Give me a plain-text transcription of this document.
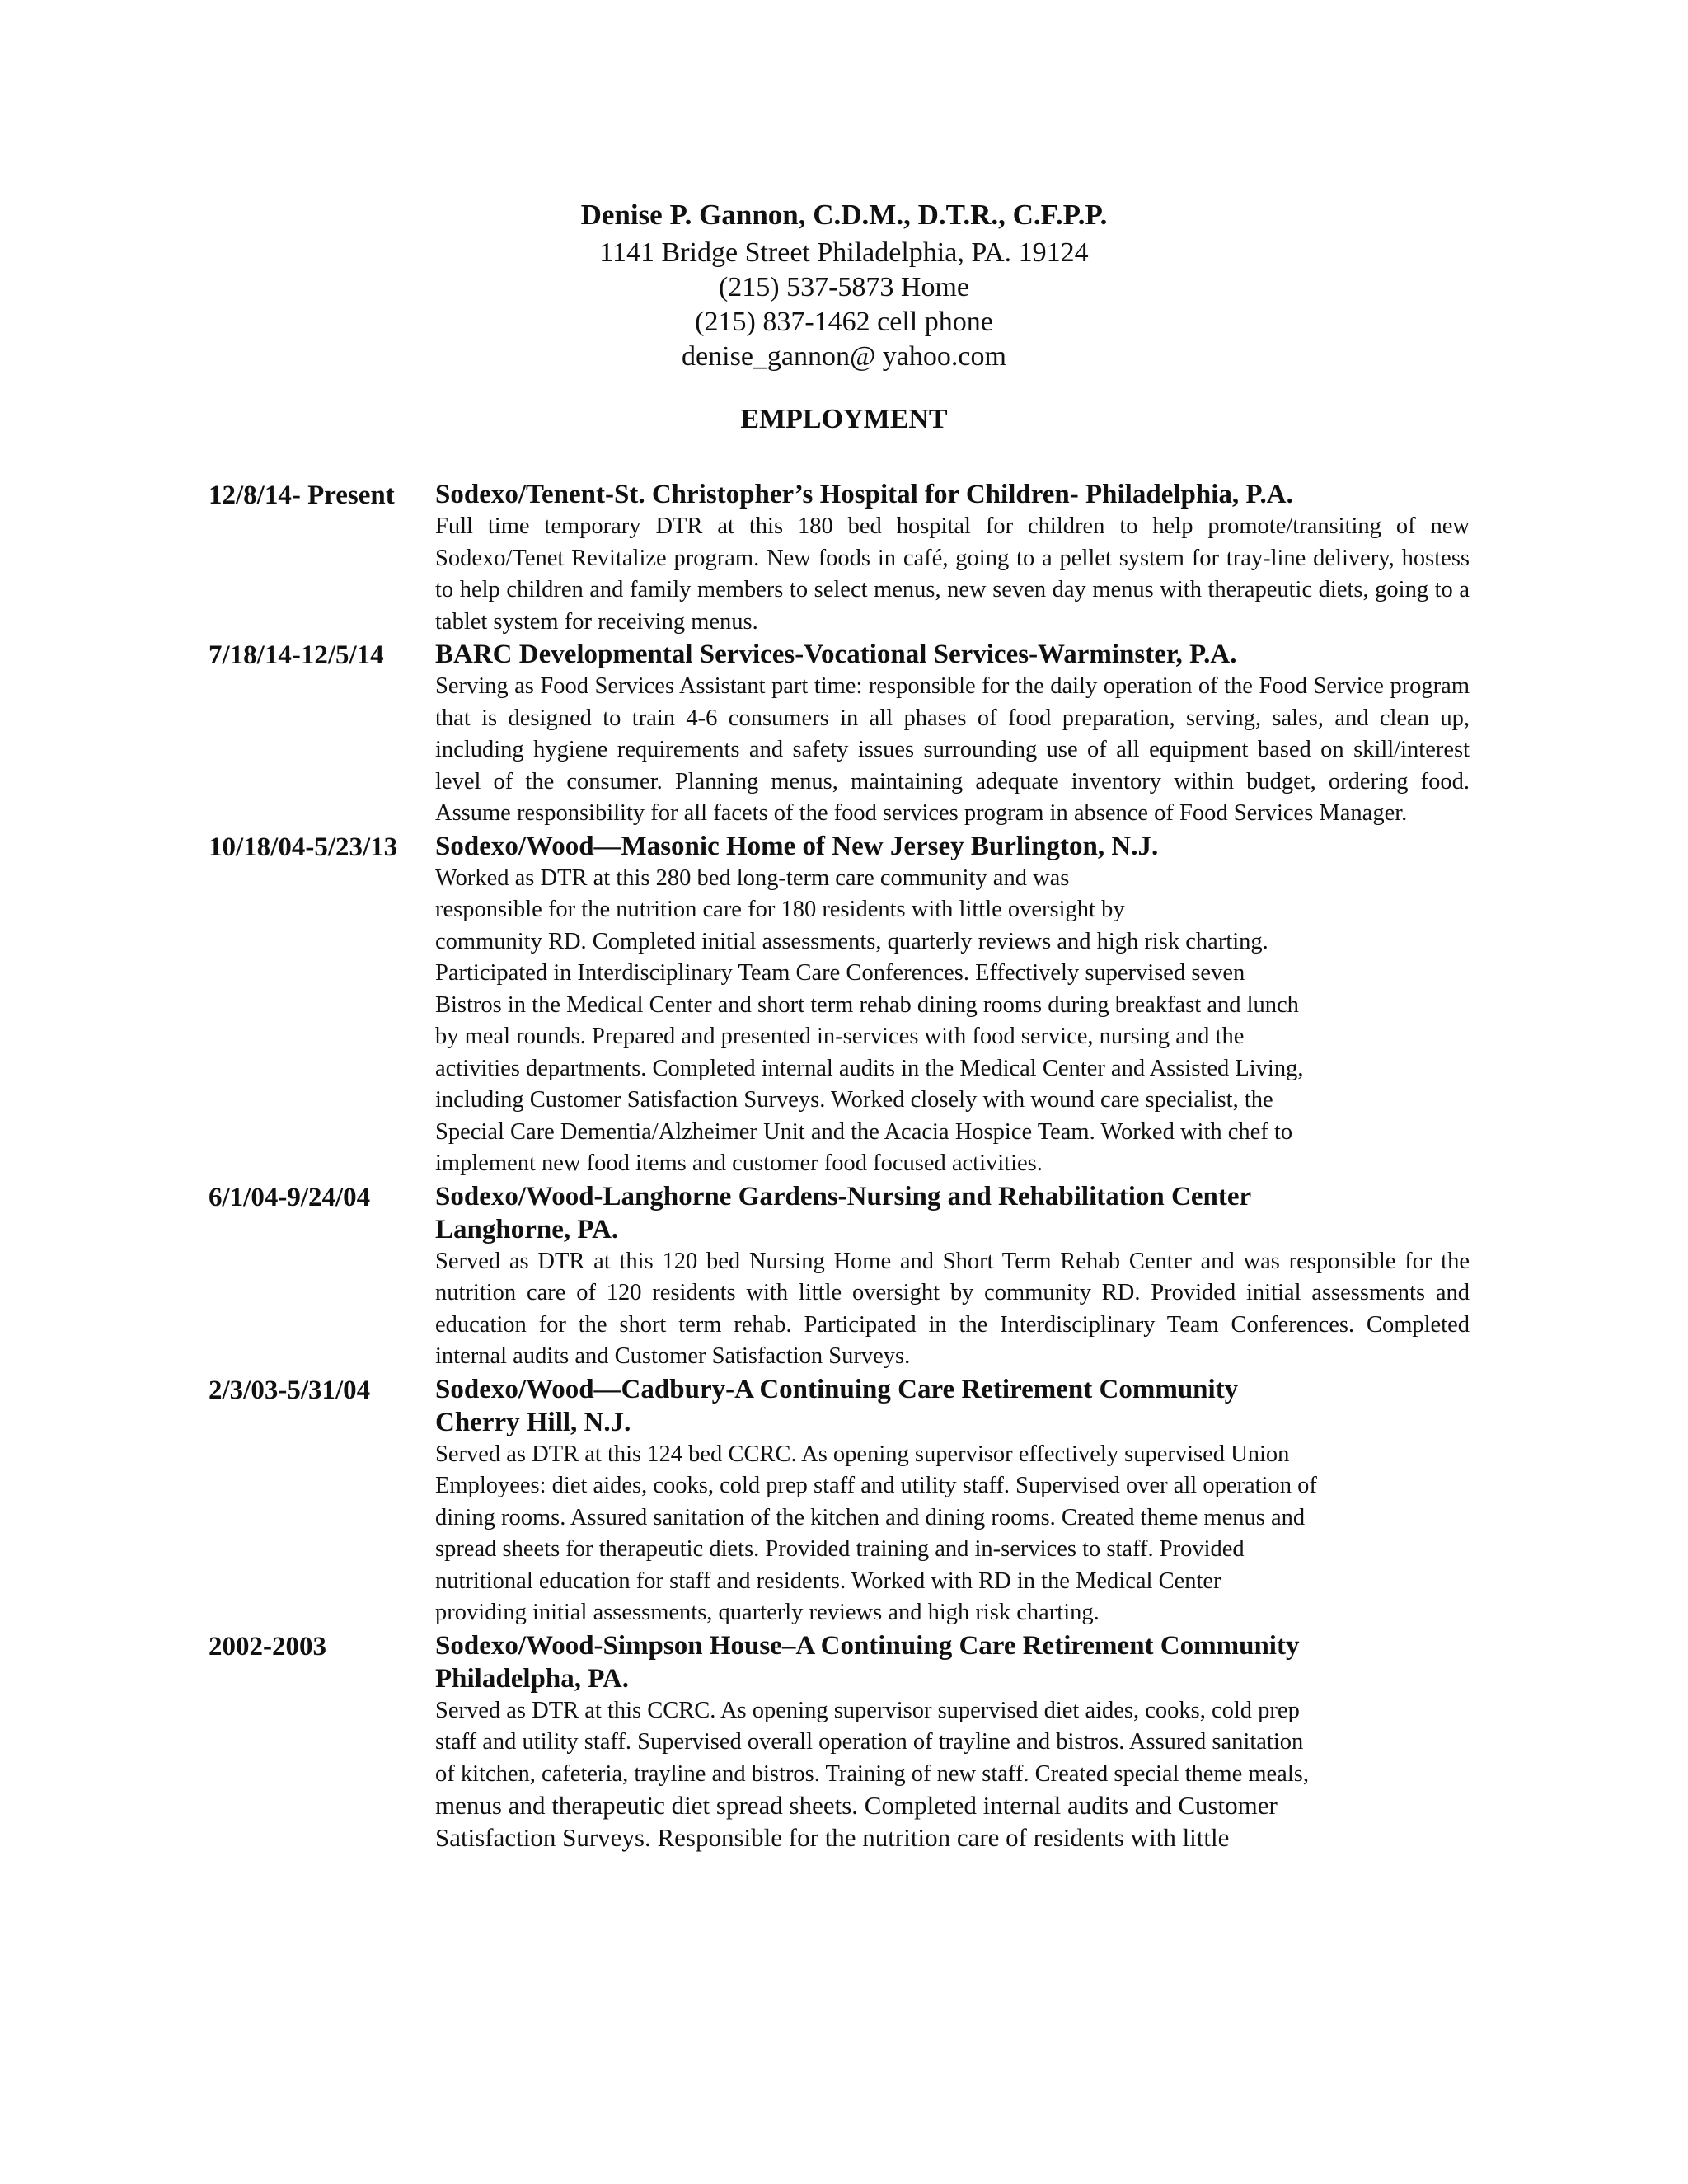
Denise P. Gannon, C.D.M., D.T.R., C.F.P.P.
1141 Bridge Street Philadelphia, PA. 19124
(215) 537-5873 Home
(215) 837-1462 cell phone
denise_gannon@ yahoo.com
EMPLOYMENT
12/8/14- Present	Sodexo/Tenent-St. Christopher’s Hospital for Children- Philadelphia, P.A.
Full time temporary DTR at this 180 bed hospital for children to help promote/transiting of new Sodexo/Tenet Revitalize program. New foods in café, going to a pellet system for tray-line delivery, hostess to help children and family members to select menus, new seven day menus with therapeutic diets, going to a tablet system for receiving menus.
7/18/14-12/5/14	BARC Developmental Services-Vocational Services-Warminster, P.A.
Serving as Food Services Assistant part time: responsible for the daily operation of the Food Service program that is designed to train 4-6 consumers in all phases of food preparation, serving, sales, and clean up, including hygiene requirements and safety issues surrounding use of all equipment based on skill/interest level of the consumer. Planning menus, maintaining adequate inventory within budget, ordering food. Assume responsibility for all facets of the food services program in absence of Food Services Manager.
10/18/04-5/23/13	Sodexo/Wood—Masonic Home of New Jersey Burlington, N.J.
Worked as DTR at this 280 bed long-term care community and was
responsible for the nutrition care for 180 residents with little oversight by
community RD. Completed initial assessments, quarterly reviews and high risk charting.
Participated in Interdisciplinary Team Care Conferences. Effectively supervised seven
Bistros in the Medical Center and short term rehab dining rooms during breakfast and lunch
by meal rounds. Prepared and presented in-services with food service, nursing and the
activities departments. Completed internal audits in the Medical Center and Assisted Living,
including Customer Satisfaction Surveys. Worked closely with wound care specialist, the
Special Care Dementia/Alzheimer Unit and the Acacia Hospice Team. Worked with chef to
implement new food items and customer food focused activities.
6/1/04-9/24/04	Sodexo/Wood-Langhorne Gardens-Nursing and Rehabilitation Center
Langhorne, PA.
Served as DTR at this 120 bed Nursing Home and Short Term Rehab Center and was responsible for the nutrition care of 120 residents with little oversight by community RD. Provided initial assessments and education for the short term rehab. Participated in the Interdisciplinary Team Conferences. Completed internal audits and Customer Satisfaction Surveys.
2/3/03-5/31/04	Sodexo/Wood—Cadbury-A Continuing Care Retirement Community
Cherry Hill, N.J.
Served as DTR at this 124 bed CCRC. As opening supervisor effectively supervised Union
Employees: diet aides, cooks, cold prep staff and utility staff. Supervised over all operation of
dining rooms. Assured sanitation of the kitchen and dining rooms. Created theme menus and
spread sheets for therapeutic diets. Provided training and in-services to staff. Provided
nutritional education for staff and residents. Worked with RD in the Medical Center
providing initial assessments, quarterly reviews and high risk charting.
2002-2003	Sodexo/Wood-Simpson House–A Continuing Care Retirement Community
Philadelpha, PA.
Served as DTR at this CCRC. As opening supervisor supervised diet aides, cooks, cold prep
staff and utility staff. Supervised overall operation of trayline and bistros. Assured sanitation
of kitchen, cafeteria, trayline and bistros. Training of new staff. Created special theme meals,
menus and therapeutic diet spread sheets. Completed internal audits and Customer
Satisfaction Surveys. Responsible for the nutrition care of residents with little
